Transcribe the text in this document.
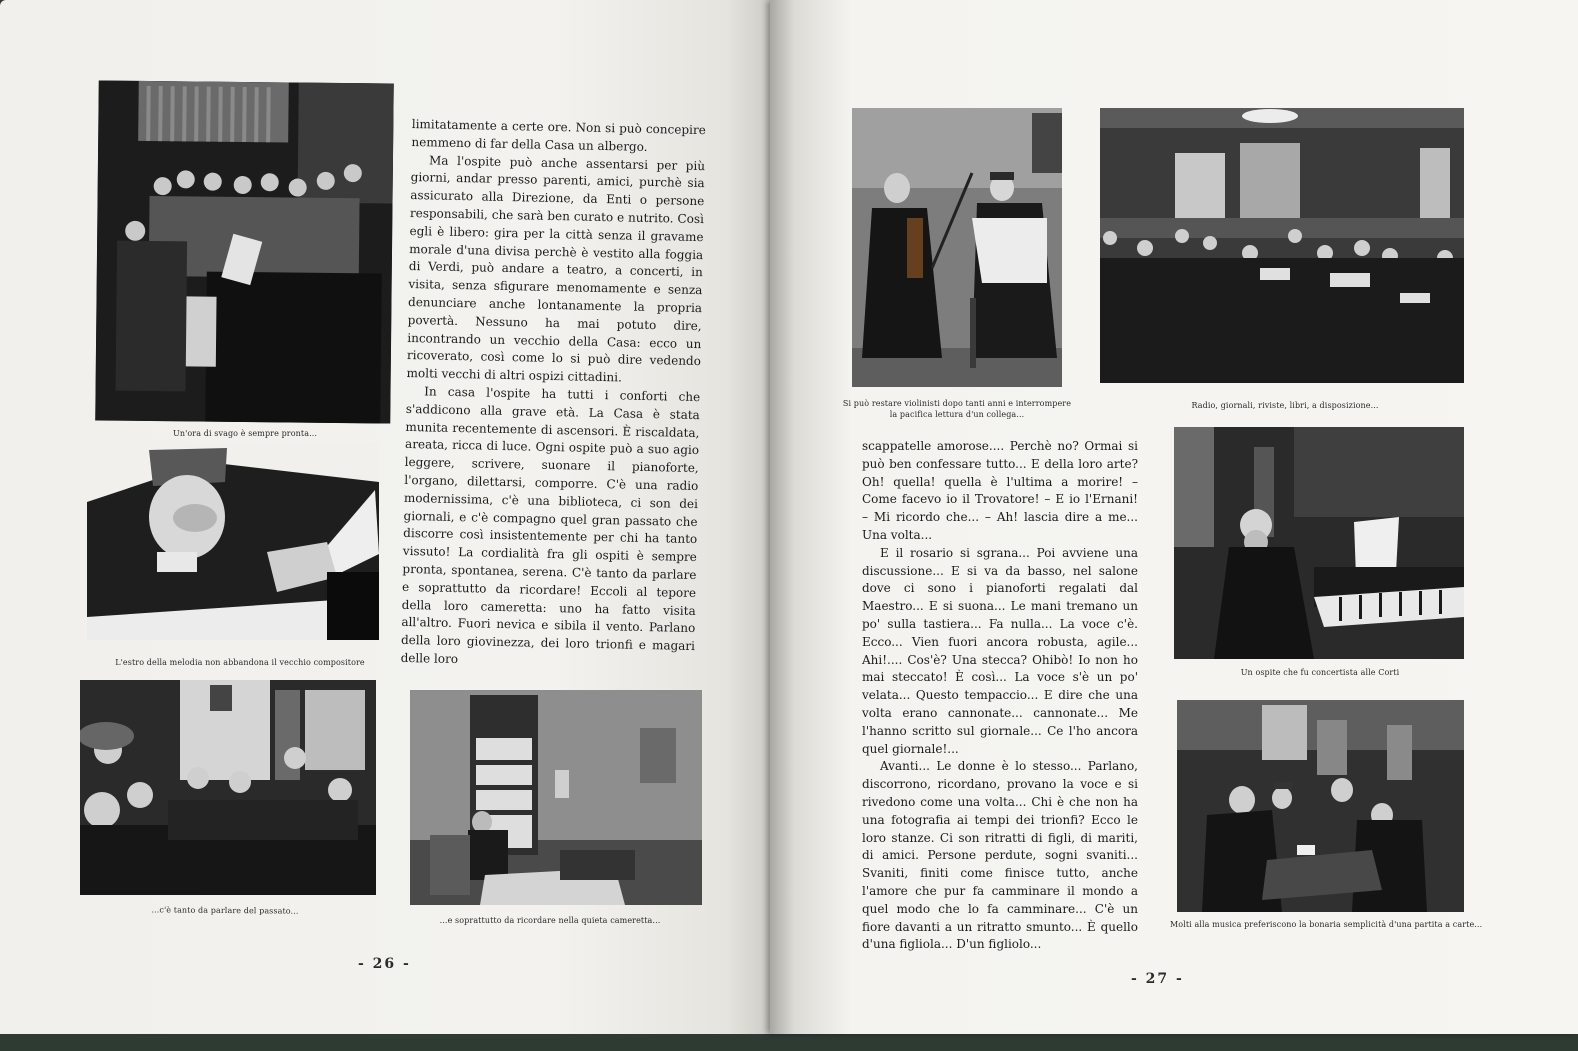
Un'ora di svago è sempre pronta...
L'estro della melodia non abbandona il vecchio compositore
...c'è tanto da parlare del passato...
...e soprattutto da ricordare nella quieta cameretta...

limitatamente a certe ore. Non si può concepire nemmeno di far della Casa un albergo.

Ma l'ospite può anche assentarsi per più giorni, andar presso parenti, amici, purchè sia assicurato alla Direzione, da Enti o persone responsabili, che sarà ben curato e nutrito. Così egli è libero: gira per la città senza il gravame morale d'una divisa perchè è vestito alla foggia di Verdi, può andare a teatro, a concerti, in visita, senza sfigurare menomamente e senza denunciare anche lontanamente la propria povertà. Nessuno ha mai potuto dire, incontrando un vecchio della Casa: ecco un ricoverato, così come lo si può dire vedendo molti vecchi di altri ospizi cittadini.

In casa l'ospite ha tutti i conforti che s'addicono alla grave età. La Casa è stata munita recentemente di ascensori. È riscaldata, areata, ricca di luce. Ogni ospite può a suo agio leggere, scrivere, suonare il pianoforte, l'organo, dilettarsi, comporre. C'è una radio modernissima, c'è una biblioteca, ci son dei giornali, e c'è compagno quel gran passato che discorre così insistentemente per chi ha tanto vissuto! La cordialità fra gli ospiti è sempre pronta, spontanea, serena. C'è tanto da parlare e soprattutto da ricordare! Eccoli al tepore della loro cameretta: uno ha fatto visita all'altro. Fuori nevica e sibila il vento. Parlano della loro giovinezza, dei loro trionfi e magari delle loro

- 26 -
Si può restare violinisti dopo tanti anni e interrompere
la pacifica lettura d'un collega...
Radio, giornali, riviste, libri, a disposizione...
Un ospite che fu concertista alle Corti
Molti alla musica preferiscono la bonaria semplicità d'una partita a carte...

scappatelle amorose.... Perchè no? Ormai si può ben confessare tutto... E della loro arte? Oh! quella! quella è l'ultima a morire! – Come facevo io il Trovatore! – E io l'Ernani! – Mi ricordo che... – Ah! lascia dire a me... Una volta...

E il rosario si sgrana... Poi avviene una discussione... E si va da basso, nel salone dove ci sono i pianoforti regalati dal Maestro... E si suona... Le mani tremano un po' sulla tastiera... Fa nulla... La voce c'è. Ecco... Vien fuori ancora robusta, agile... Ahi!.... Cos'è? Una stecca? Ohibò! Io non ho mai steccato! È così... La voce s'è un po' velata... Questo tempaccio... E dire che una volta erano cannonate... cannonate... Me l'hanno scritto sul giornale... Ce l'ho ancora quel giornale!...

Avanti... Le donne è lo stesso... Parlano, discorrono, ricordano, provano la voce e si rivedono come una volta... Chi è che non ha una fotografia ai tempi dei trionfi? Ecco le loro stanze. Ci son ritratti di figli, di mariti, di amici. Persone perdute, sogni svaniti... Svaniti, finiti come finisce tutto, anche l'amore che pur fa camminare il mondo a quel modo che lo fa camminare... C'è un fiore davanti a un ritratto smunto... È quello d'una figliola... D'un figliolo...

- 27 -
